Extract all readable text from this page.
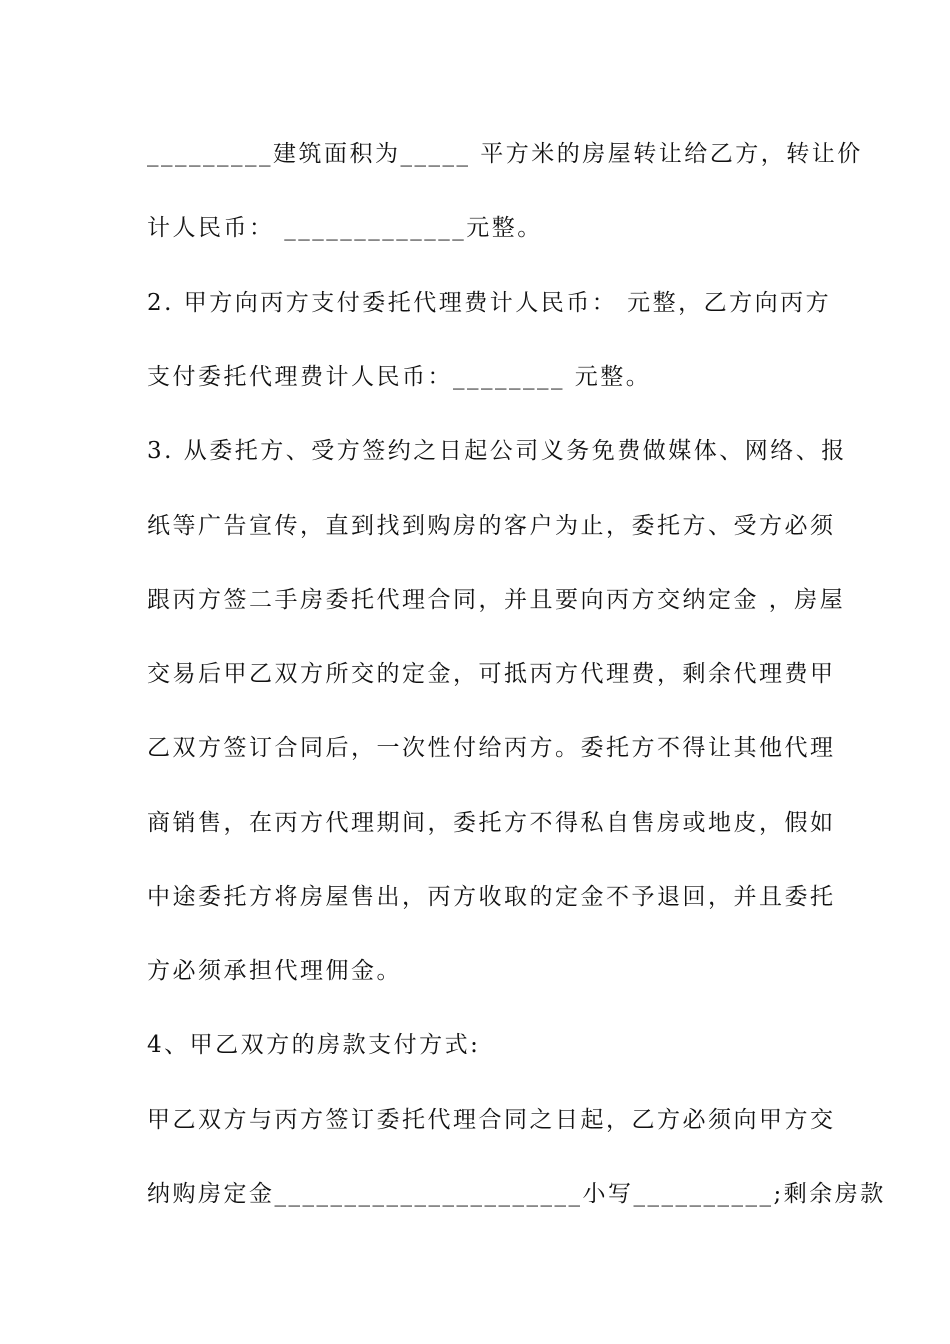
_________建筑面积为_____ 平方米的房屋转让给乙方，转让价
计人民币： _____________元整。
2. 甲方向丙方支付委托代理费计人民币： 元整，乙方向丙方
支付委托代理费计人民币：________ 元整。
3. 从委托方、受方签约之日起公司义务免费做媒体、网络、报
纸等广告宣传，直到找到购房的客户为止，委托方、受方必须
跟丙方签二手房委托代理合同，并且要向丙方交纳定金 ，房屋
交易后甲乙双方所交的定金，可抵丙方代理费，剩余代理费甲
乙双方签订合同后，一次性付给丙方。委托方不得让其他代理
商销售，在丙方代理期间，委托方不得私自售房或地皮，假如
中途委托方将房屋售出，丙方收取的定金不予退回，并且委托
方必须承担代理佣金。
4、甲乙双方的房款支付方式:
甲乙双方与丙方签订委托代理合同之日起，乙方必须向甲方交
纳购房定金______________________小写__________;剩余房款
